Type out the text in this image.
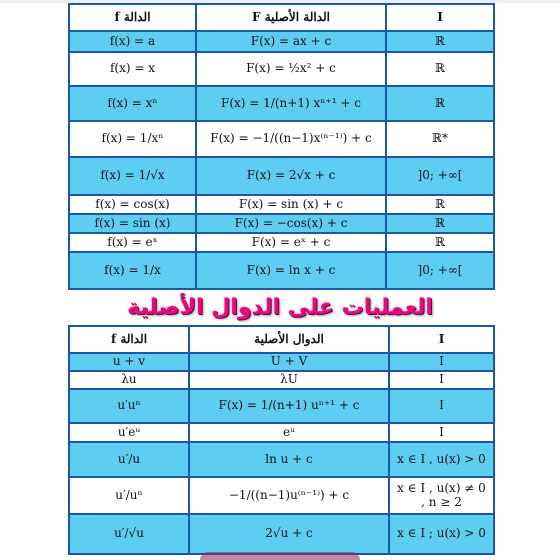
الدالة f	الدالة الأصلية F	I
f(x) = a	F(x) = ax + c	ℝ
f(x) = x	F(x) = ½x² + c	ℝ
f(x) = xⁿ	F(x) = 1/(n+1) xⁿ⁺¹ + c	ℝ
f(x) = 1/xⁿ	F(x) = −1/((n−1)x⁽ⁿ⁻¹⁾) + c	ℝ*
f(x) = 1/√x	F(x) = 2√x + c	]0; +∞[
f(x) = cos(x)	F(x) = sin (x) + c	ℝ
f(x) = sin (x)	F(x) = −cos(x) + c	ℝ
f(x) = eˣ	F(x) = eˣ + c	ℝ
f(x) = 1/x	F(x) = ln x + c	]0; +∞[
العمليات على الدوال الأصلية
الدالة f	الدوال الأصلية	I
u + v	U + V	I
λu	λU	I
u′uⁿ	F(x) = 1/(n+1) uⁿ⁺¹ + c	I
u′eᵘ	eᵘ	I
u′/u	ln u + c	x ∈ I , u(x) > 0
u′/uⁿ	−1/((n−1)u⁽ⁿ⁻¹⁾) + c	x ∈ I , u(x) ≠ 0 , n ≥ 2
u′/√u	2√u + c	x ∈ I ; u(x) > 0
